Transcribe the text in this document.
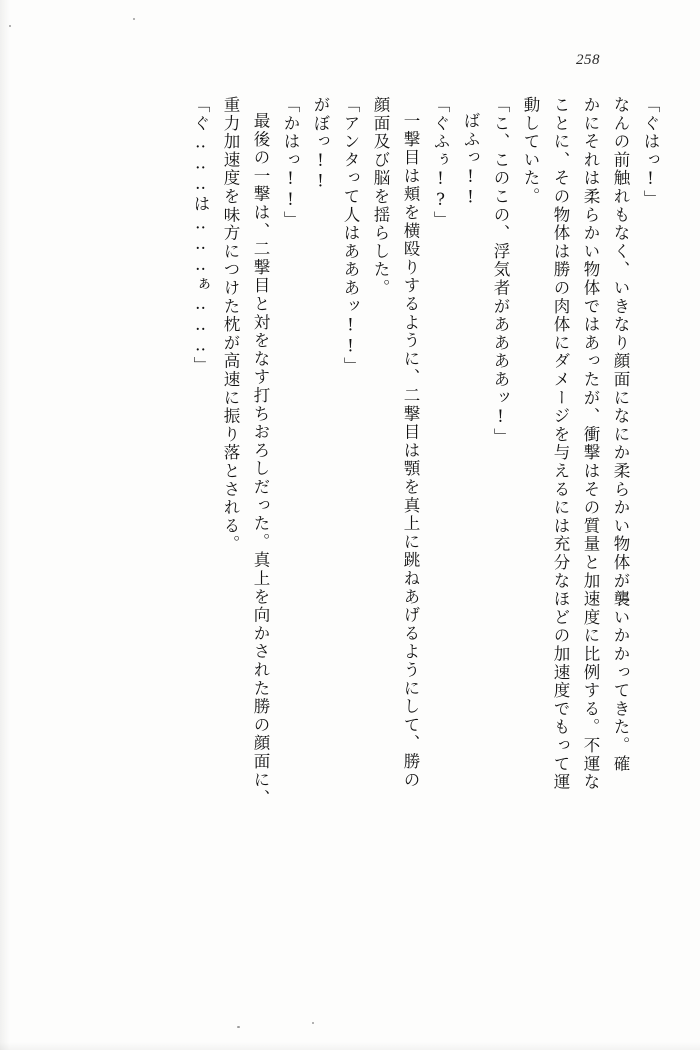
258
「ぐはっ!」
なんの前触れもなく、いきなり顔面になにか柔らかい物体が襲いかかってきた。確
かにそれは柔らかい物体ではあったが、衝撃はその質量と加速度に比例する。不運な
ことに、その物体は勝の肉体にダメージを与えるには充分なほどの加速度でもって運
動していた。
「こ、このこの、浮気者がああああッ!」
ばふっ!!
「ぐふぅ!?」
一撃目は頬を横殴りするように、二撃目は顎を真上に跳ねあげるようにして、勝の
顔面及び脳を揺らした。
「アンタって人はあああッ!!」
がぼっ!!
「かはっ!!」
最後の一撃は、二撃目と対をなす打ちおろしだった。真上を向かされた勝の顔面に、
重力加速度を味方につけた枕が高速に振り落とされる。
「ぐ‥‥‥は‥‥‥ぁ‥‥‥」
